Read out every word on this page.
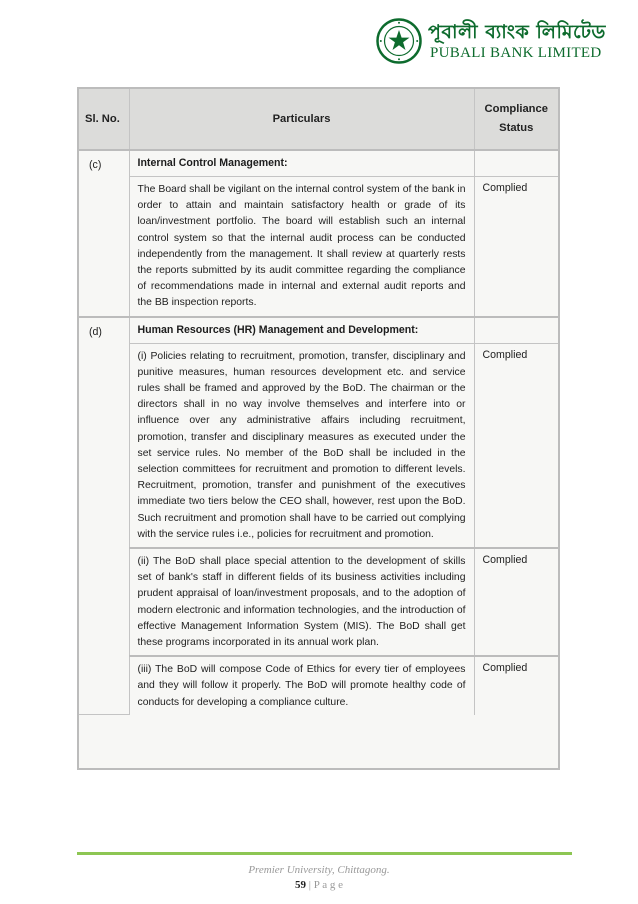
পূবালী ব্যাংক লিমিটেড
PUBALI BANK LIMITED
Sl. No.	Particulars	Compliance
Status

(c)	Internal Control Management:	
	The Board shall be vigilant on the internal control system of the bank in order to attain and maintain satisfactory health or grade of its loan/investment portfolio. The board will establish such an internal control system so that the internal audit process can be conducted independently from the management. It shall review at quarterly rests the reports submitted by its audit committee regarding the compliance of recommendations made in internal and external audit reports and the BB inspection reports.	Complied
(d)	Human Resources (HR) Management and Development:	
	(i) Policies relating to recruitment, promotion, transfer, disciplinary and punitive measures, human resources development etc. and service rules shall be framed and approved by the BoD. The chairman or the directors shall in no way involve themselves and interfere into or influence over any administrative affairs including recruitment, promotion, transfer and disciplinary measures as executed under the set service rules. No member of the BoD shall be included in the selection committees for recruitment and promotion to different levels. Recruitment, promotion, transfer and punishment of the executives immediate two tiers below the CEO shall, however, rest upon the BoD. Such recruitment and promotion shall have to be carried out complying with the service rules i.e., policies for recruitment and promotion.	Complied
	(ii) The BoD shall place special attention to the development of skills set of bank's staff in different fields of its business activities including prudent appraisal of loan/investment proposals, and to the adoption of modern electronic and information technologies, and the introduction of effective Management Information System (MIS). The BoD shall get these programs incorporated in its annual work plan.	Complied
	(iii) The BoD will compose Code of Ethics for every tier of employees and they will follow it properly. The BoD will promote healthy code of conducts for developing a compliance culture.	Complied
Premier University, Chittagong.
59 | P a g e
